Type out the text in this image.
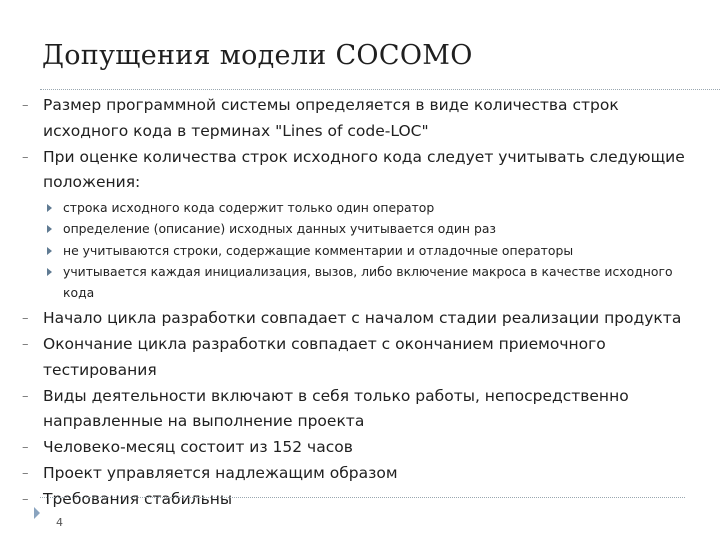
Допущения модели COCOMO
– Размер программной системы определяется в виде количества строк исходного кода в терминах "Lines of code-LOC"
– При оценке количества строк исходного кода следует учитывать следующие положения:
строка исходного кода содержит только один оператор
определение (описание) исходных данных учитывается один раз
не учитываются строки, содержащие комментарии и отладочные операторы
учитывается каждая инициализация, вызов, либо включение макроса в качестве исходного кода
– Начало цикла разработки совпадает с началом стадии реализации продукта
– Окончание цикла разработки совпадает с окончанием приемочного тестирования
– Виды деятельности включают в себя только работы, непосредственно направленные на выполнение проекта
– Человеко-месяц состоит из 152 часов
– Проект управляется надлежащим образом
– Требования стабильны
4
